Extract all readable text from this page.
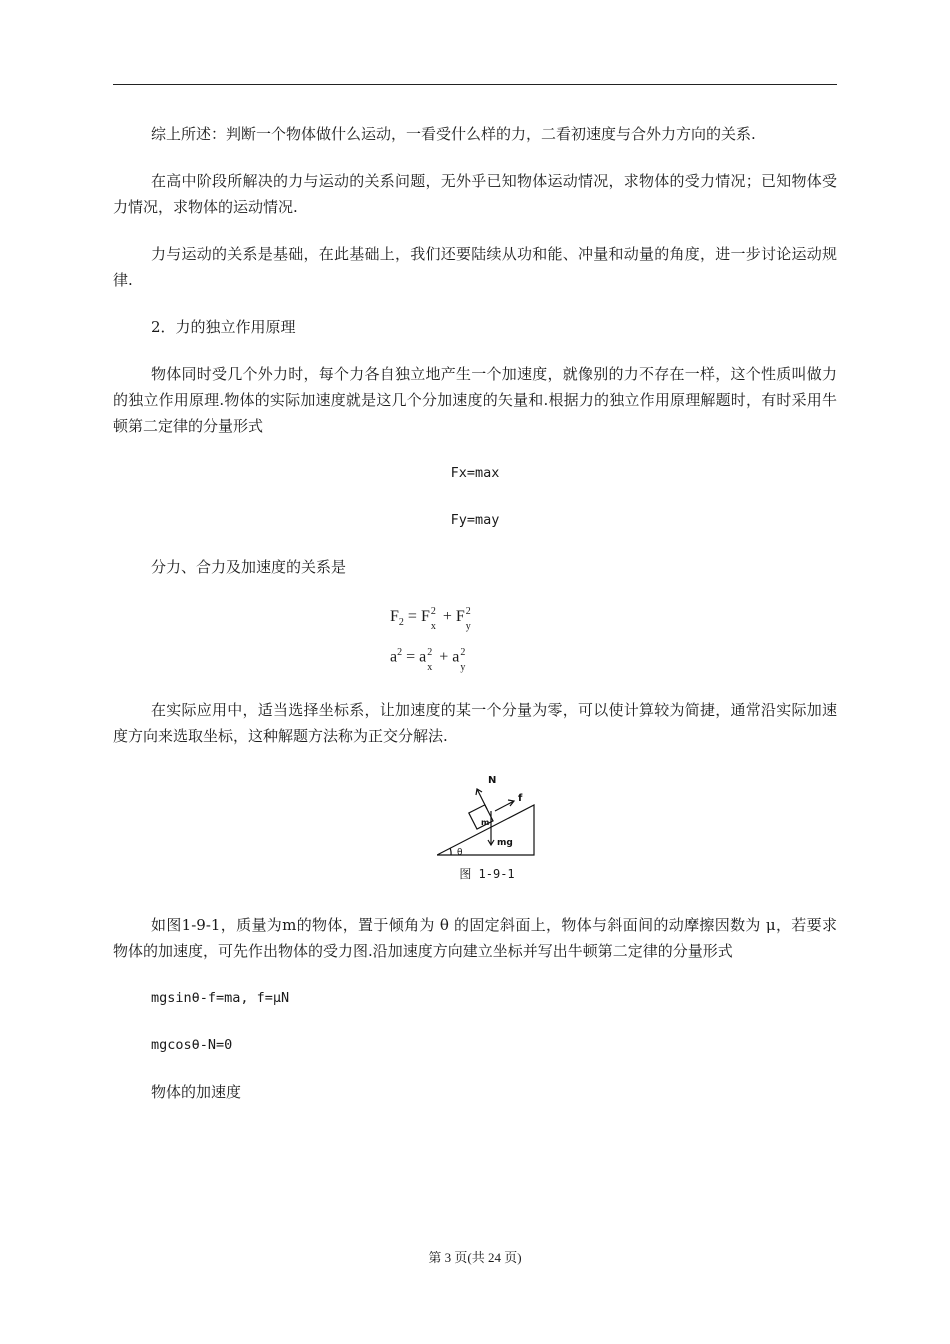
综上所述：判断一个物体做什么运动，一看受什么样的力，二看初速度与合外力方向的关系.

在高中阶段所解决的力与运动的关系问题，无外乎已知物体运动情况，求物体的受力情况；已知物体受力情况，求物体的运动情况.

力与运动的关系是基础，在此基础上，我们还要陆续从功和能、冲量和动量的角度，进一步讨论运动规律.

2．力的独立作用原理

物体同时受几个外力时，每个力各自独立地产生一个加速度，就像别的力不存在一样，这个性质叫做力的独立作用原理.物体的实际加速度就是这几个分加速度的矢量和.根据力的独立作用原理解题时，有时采用牛顿第二定律的分量形式

Fx=max

Fy=may

分力、合力及加速度的关系是

$F_2 = F$ 2
x
+ F 2
y
$a^2 = a$ 2
x
+ a 2
y

在实际应用中，适当选择坐标系，让加速度的某一个分量为零，可以使计算较为简捷，通常沿实际加速度方向来选取坐标，这种解题方法称为正交分解法.

N
f
m
mg
θ
图 1-9-1

如图1-9-1，质量为m的物体，置于倾角为 θ 的固定斜面上，物体与斜面间的动摩擦因数为 μ，若要求物体的加速度，可先作出物体的受力图.沿加速度方向建立坐标并写出牛顿第二定律的分量形式

mgsinθ-f=ma, f=μN

mgcosθ-N=0

物体的加速度

第 3 页(共 24 页)
